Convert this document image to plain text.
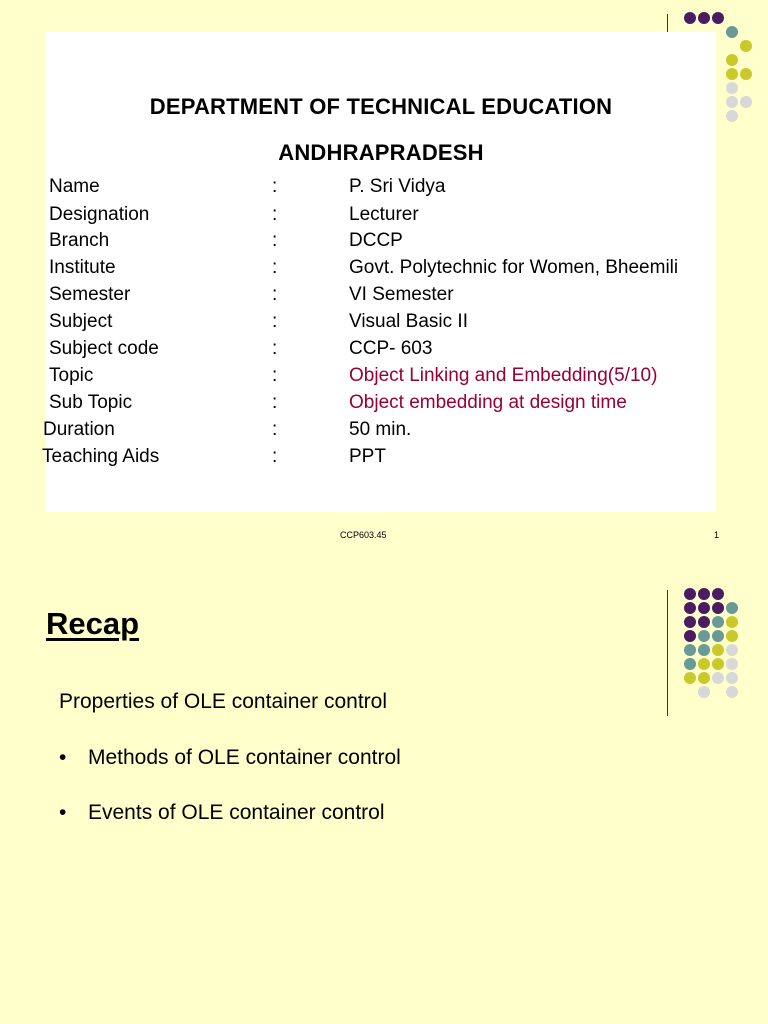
DEPARTMENT OF TECHNICAL EDUCATION
ANDHRAPRADESH
Name	:	P. Sri Vidya
Designation	:	Lecturer
Branch	:	DCCP
Institute	:	Govt. Polytechnic for Women, Bheemili
Semester	:	VI Semester
Subject	:	Visual Basic II
Subject code	:	CCP- 603
Topic	:	Object Linking and Embedding(5/10)
Sub Topic	:	Object embedding at design time
Duration	:	50 min.
Teaching Aids	:	PPT
CCP603.45	1
Recap
Properties of OLE container control
• Methods of OLE container control
• Events of OLE container control
